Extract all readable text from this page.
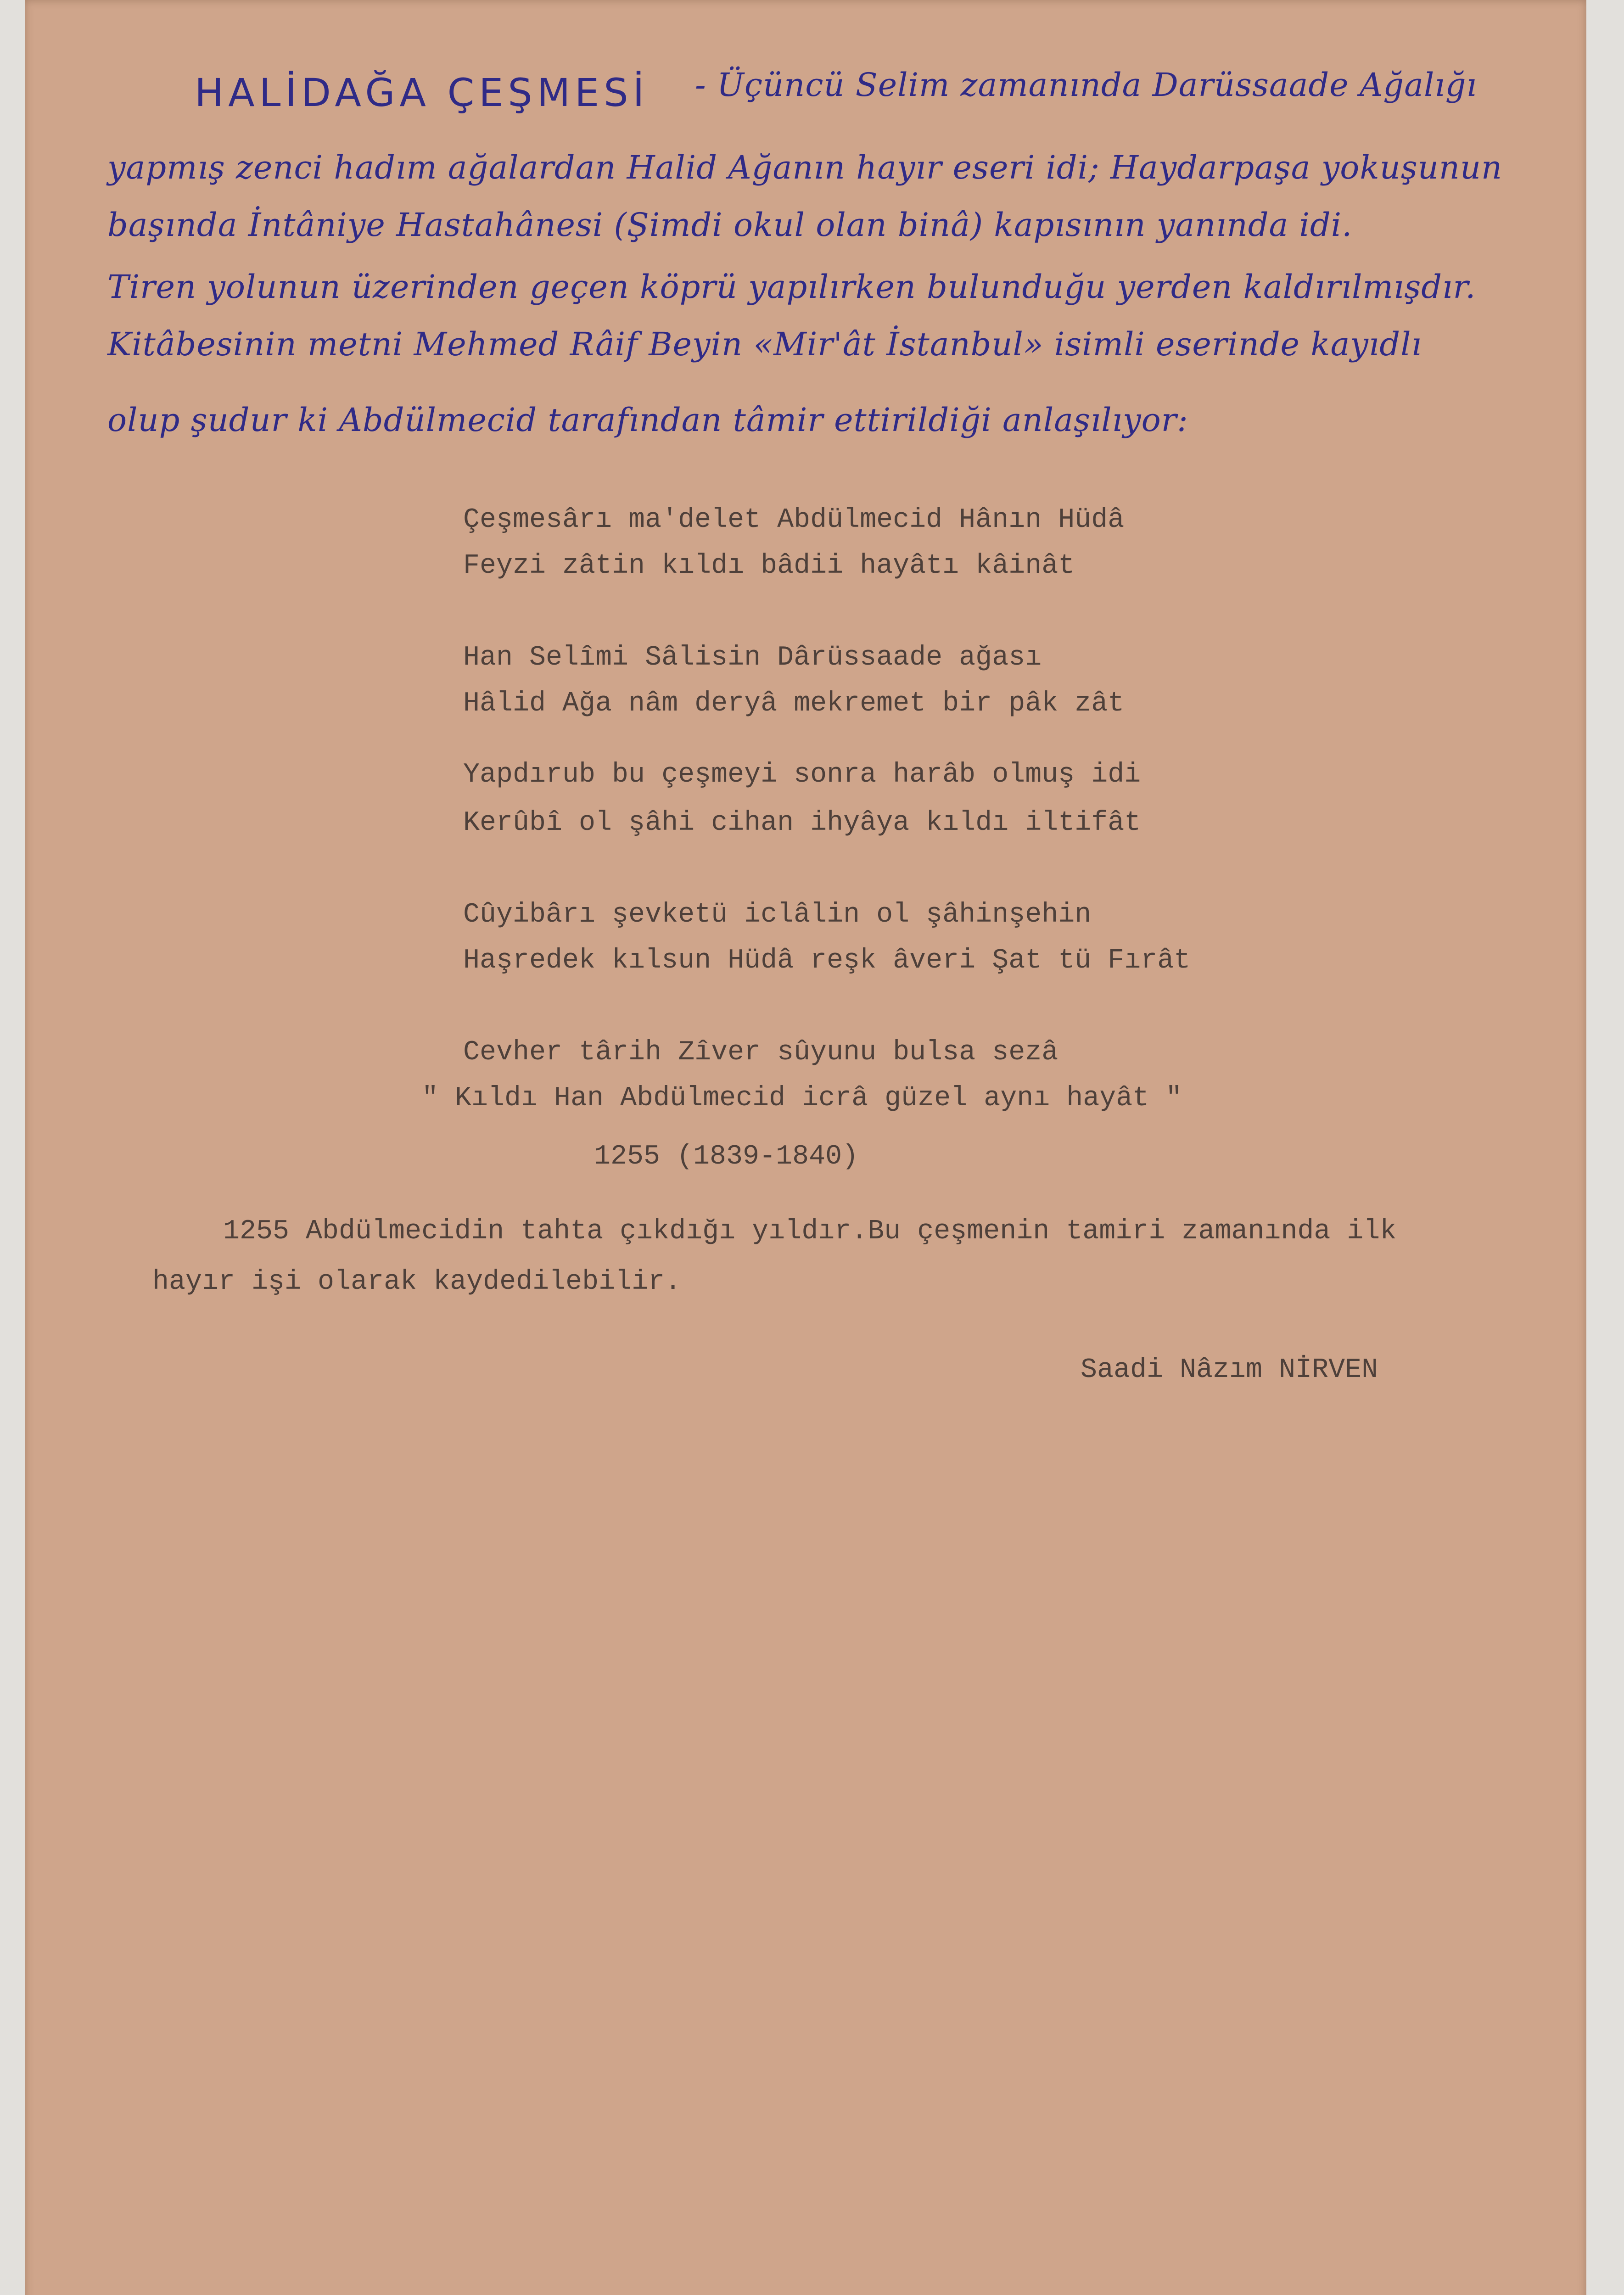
HALİDAĞA ÇEŞMESİ	- Üçüncü Selim zamanında Darüssaade Ağalığı
yapmış zenci hadım ağalardan Halid Ağanın hayır eseri idi; Haydarpaşa yokuşunun
başında İntâniye Hastahânesi (Şimdi okul olan binâ) kapısının yanında idi.
Tiren yolunun üzerinden geçen köprü yapılırken bulunduğu yerden kaldırılmışdır.
Kitâbesinin metni Mehmed Râif Beyin «Mir'ât İstanbul» isimli eserinde kayıdlı
olup şudur ki Abdülmecid tarafından tâmir ettirildiği anlaşılıyor:
Çeşmesârı ma'delet Abdülmecid Hânın Hüdâ
Feyzi zâtin kıldı bâdii hayâtı kâinât
Han Selîmi Sâlisin Dârüssaade ağası
Hâlid Ağa nâm deryâ mekremet bir pâk zât
Yapdırub bu çeşmeyi sonra harâb olmuş idi
Kerûbî ol şâhi cihan ihyâya kıldı iltifât
Cûyibârı şevketü iclâlin ol şâhinşehin
Haşredek kılsun Hüdâ reşk âveri Şat tü Fırât
Cevher târih Zîver sûyunu bulsa sezâ
" Kıldı Han Abdülmecid icrâ güzel aynı hayât "
1255 (1839-1840)
1255 Abdülmecidin tahta çıkdığı yıldır.Bu çeşmenin tamiri zamanında ilk
hayır işi olarak kaydedilebilir.
Saadi Nâzım NİRVEN
